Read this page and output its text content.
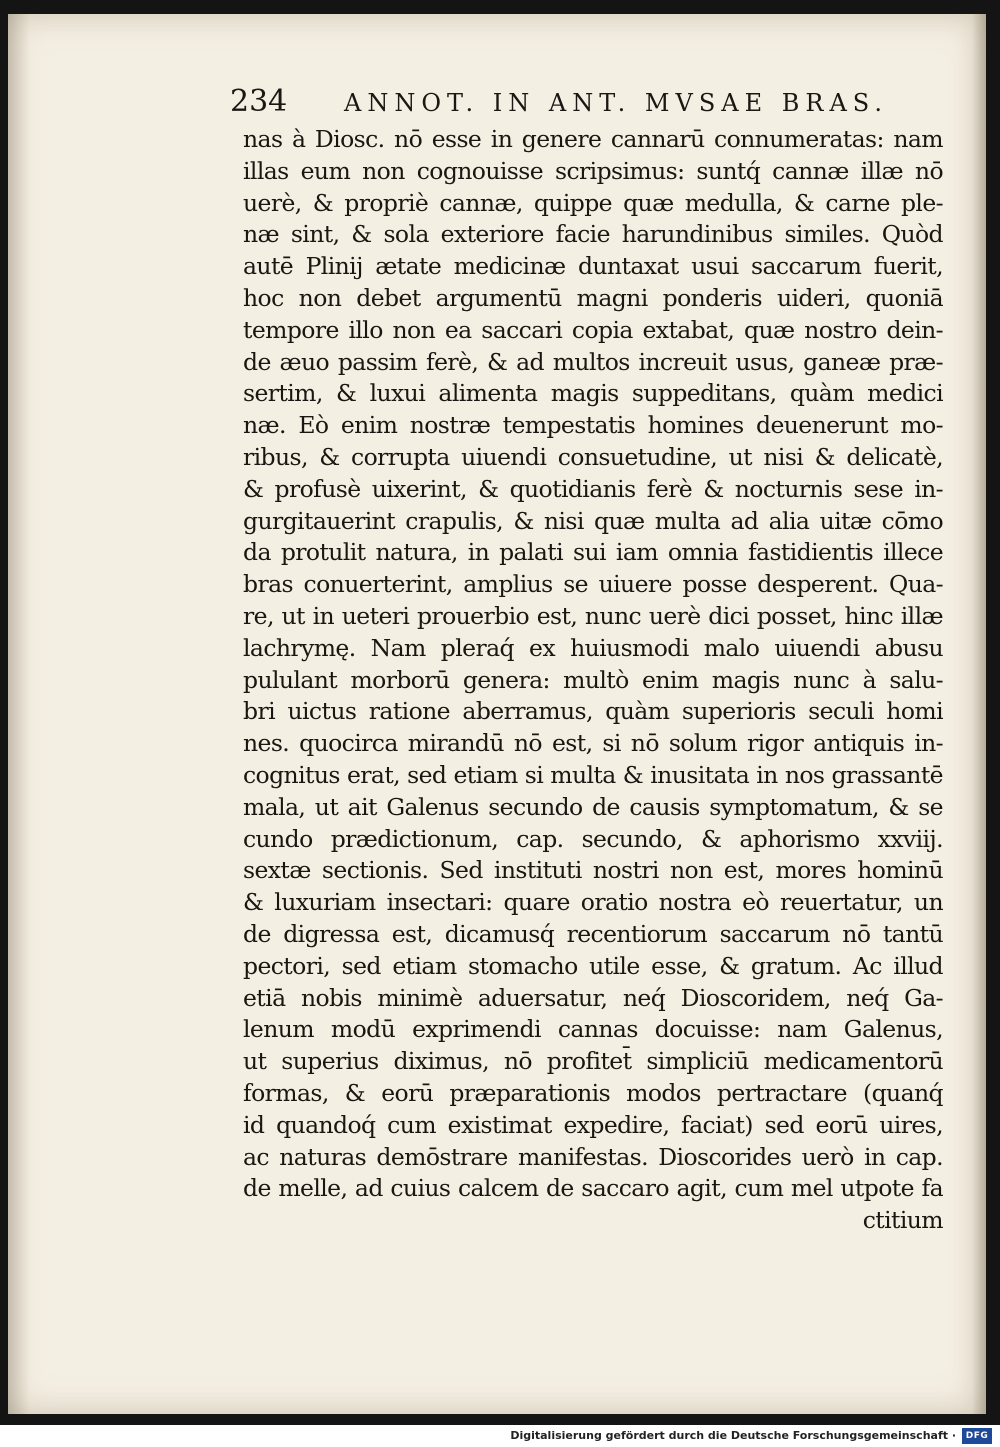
234 ANNOT. IN ANT. MVSAE BRAS.
nas à Diosc. nō esse in genere cannarū connumeratas: nam
illas eum non cognouisse scripsimus: suntq́ cannæ illæ nō
uerè, & propriè cannæ, quippe quæ medulla, & carne ple-
næ sint, & sola exteriore facie harundinibus similes. Quòd
autē Plinij ætate medicinæ duntaxat usui saccarum fuerit,
hoc non debet argumentū magni ponderis uideri, quoniā
tempore illo non ea saccari copia extabat, quæ nostro dein-
de æuo passim ferè, & ad multos increuit usus, ganeæ præ-
sertim, & luxui alimenta magis suppeditans, quàm medici
næ. Eò enim nostræ tempestatis homines deuenerunt mo-
ribus, & corrupta uiuendi consuetudine, ut nisi & delicatè,
& profusè uixerint, & quotidianis ferè & nocturnis sese in-
gurgitauerint crapulis, & nisi quæ multa ad alia uitæ cōmo
da protulit natura, in palati sui iam omnia fastidientis illece
bras conuerterint, amplius se uiuere posse desperent. Qua-
re, ut in ueteri prouerbio est, nunc uerè dici posset, hinc illæ
lachrymę. Nam pleraq́ ex huiusmodi malo uiuendi abusu
pululant morborū genera: multò enim magis nunc à salu-
bri uictus ratione aberramus, quàm superioris seculi homi
nes. quocirca mirandū nō est, si nō solum rigor antiquis in-
cognitus erat, sed etiam si multa & inusitata in nos grassantē
mala, ut ait Galenus secundo de causis symptomatum, & se
cundo prædictionum, cap. secundo, & aphorismo xxviij.
sextæ sectionis. Sed instituti nostri non est, mores hominū
& luxuriam insectari: quare oratio nostra eò reuertatur, un
de digressa est, dicamusq́ recentiorum saccarum nō tantū
pectori, sed etiam stomacho utile esse, & gratum. Ac illud
etiā nobis minimè aduersatur, neq́ Dioscoridem, neq́ Ga-
lenum modū exprimendi cannas docuisse: nam Galenus,
ut superius diximus, nō profitet̄ simpliciū medicamentorū
formas, & eorū præparationis modos pertractare (quanq́
id quandoq́ cum existimat expedire, faciat) sed eorū uires,
ac naturas demōstrare manifestas. Dioscorides uerò in cap.
de melle, ad cuius calcem de saccaro agit, cum mel utpote fa
ctitium
Digitalisierung gefördert durch die Deutsche Forschungsgemeinschaft ·	DFG
